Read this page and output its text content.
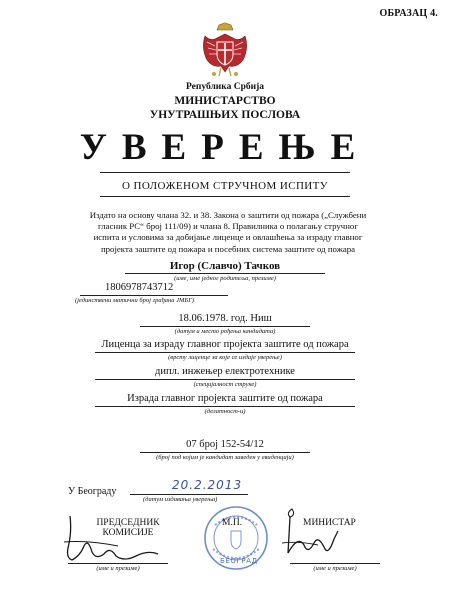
ОБРАЗАЦ 4.
Република Србија
МИНИСТАРСТВО
УНУТРАШЊИХ ПОСЛОВА
УВЕРЕЊЕ
О ПОЛОЖЕНОМ СТРУЧНОМ ИСПИТУ
Издато на основу члана 32. и 38. Закона о заштити од пожара („Службени гласник РС“ број 111/09) и члана 8. Правилника о полагању стручног испита и условима за добијање лиценце и овлашћења за израду главног пројекта заштите од пожара и посебних система заштите од пожара
Игор (Славчо) Тачков
(име, име једног родитеља, презиме)
1806978743712
(јединствени матични број грађана ЈМБГ)
18.06.1978. год. Ниш
(датум и место рођења кандидата)
Лиценца за израду главног пројекта заштите од пожара
(врсту лиценце за које се издаје уверење)
дипл. инжењер електротехнике
(специјалност струке)
Израда главног пројекта заштите од пожара
(делатност-и)
07 број 152-54/12
(број под којим је кандидат заведен у евиденцији)
У Београду	20.2.2013
(датум издавања уверења)
ПРЕДСЕДНИК
КОМИСИЈЕ
(име и презиме)
М.П.
БЕОГРАД
МИНИСТАР
(име и презиме)
